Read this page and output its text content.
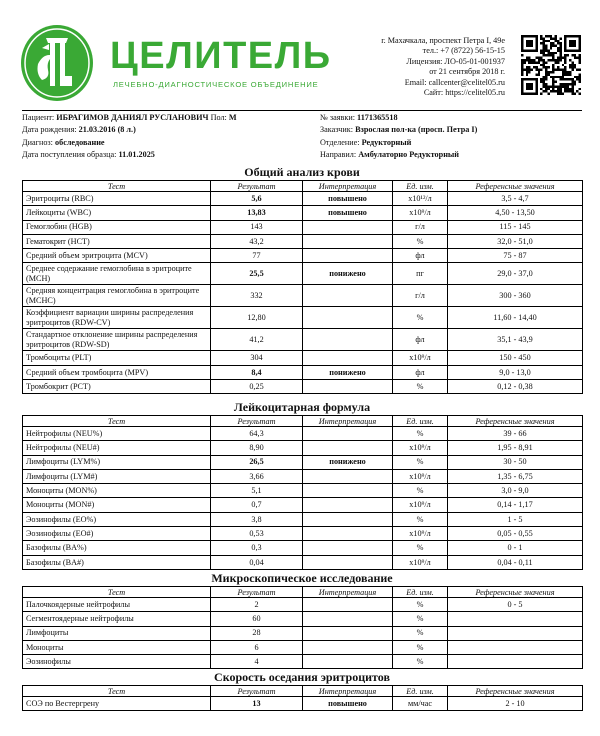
ЦЕЛИТЕЛЬ
ЛЕЧЕБНО-ДИАГНОСТИЧЕСКОЕ ОБЪЕДИНЕНИЕ
г. Махачкала, проспект Петра I, 49е
тел.: +7 (8722) 56-15-15
Лицензия: ЛО-05-01-001937
от 21 сентября 2018 г.
Email: callcenter@celitel05.ru
Сайт: https://celitel05.ru
Пациент: ИБРАГИМОВ ДАНИЯЛ РУСЛАНОВИЧ Пол: М
Дата рождения: 21.03.2016 (8 л.)
Диагноз: обследование
Дата поступления образца: 11.01.2025
№ заявки: 1171365518
Заказчик: Взрослая пол-ка (просп. Петра I)
Отделение: Редукторный
Направил: Амбулаторно Редукторный
Общий анализ крови
Тест	Результат	Интерпретация	Ед. изм.	Референсные значения
Эритроциты (RBC)	5,6	повышено	x10¹²/л	3,5 - 4,7
Лейкоциты (WBC)	13,83	повышено	x10⁹/л	4,50 - 13,50
Гемоглобин (HGB)	143		г/л	115 - 145
Гематокрит (HCT)	43,2		%	32,0 - 51,0
Средний объем эритроцита (MCV)	77		фл	75 - 87
Среднее содержание гемоглобина в эритроците (MCH)	25,5	понижено	пг	29,0 - 37,0
Средняя концентрация гемоглобина в эритроците (MCHC)	332		г/л	300 - 360
Коэффициент вариации ширины распределения эритроцитов (RDW-CV)	12,80		%	11,60 - 14,40
Стандартное отклонение ширины распределения эритроцитов (RDW-SD)	41,2		фл	35,1 - 43,9
Тромбоциты (PLT)	304		x10⁹/л	150 - 450
Средний объем тромбоцита (MPV)	8,4	понижено	фл	9,0 - 13,0
Тромбокрит (PCT)	0,25		%	0,12 - 0,38
Лейкоцитарная формула
Тест	Результат	Интерпретация	Ед. изм.	Референсные значения
Нейтрофилы (NEU%)	64,3		%	39 - 66
Нейтрофилы (NEU#)	8,90		x10⁹/л	1,95 - 8,91
Лимфоциты (LYM%)	26,5	понижено	%	30 - 50
Лимфоциты (LYM#)	3,66		x10⁹/л	1,35 - 6,75
Моноциты (MON%)	5,1		%	3,0 - 9,0
Моноциты (MON#)	0,7		x10⁹/л	0,14 - 1,17
Эозинофилы (EO%)	3,8		%	1 - 5
Эозинофилы (EO#)	0,53		x10⁹/л	0,05 - 0,55
Базофилы (BA%)	0,3		%	0 - 1
Базофилы (BA#)	0,04		x10⁹/л	0,04 - 0,11
Микроскопическое исследование
Тест	Результат	Интерпретация	Ед. изм.	Референсные значения
Палочкоядерные нейтрофилы	2		%	0 - 5
Сегментоядерные нейтрофилы	60		%	
Лимфоциты	28		%	
Моноциты	6		%	
Эозинофилы	4		%	
Скорость оседания эритроцитов
Тест	Результат	Интерпретация	Ед. изм.	Референсные значения
СОЭ по Вестергрену	13	повышено	мм/час	2 - 10
